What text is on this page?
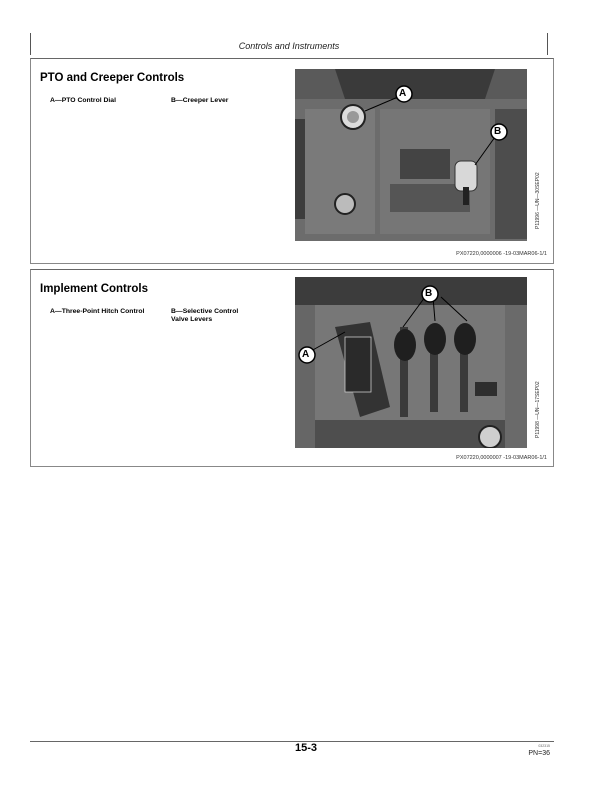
Controls and Instruments
PTO and Creeper Controls
A—PTO Control Dial	B—Creeper Lever
A
B
P11996 —UN—30SEP02
PX07220,0000006 -19-03MAR06-1/1
Implement Controls
A—Three-Point Hitch Control	B—Selective Control Valve Levers
B
A
P11998 —UN—17SEP02
PX07220,0000007 -19-03MAR06-1/1
15-3	032315
PN=36
